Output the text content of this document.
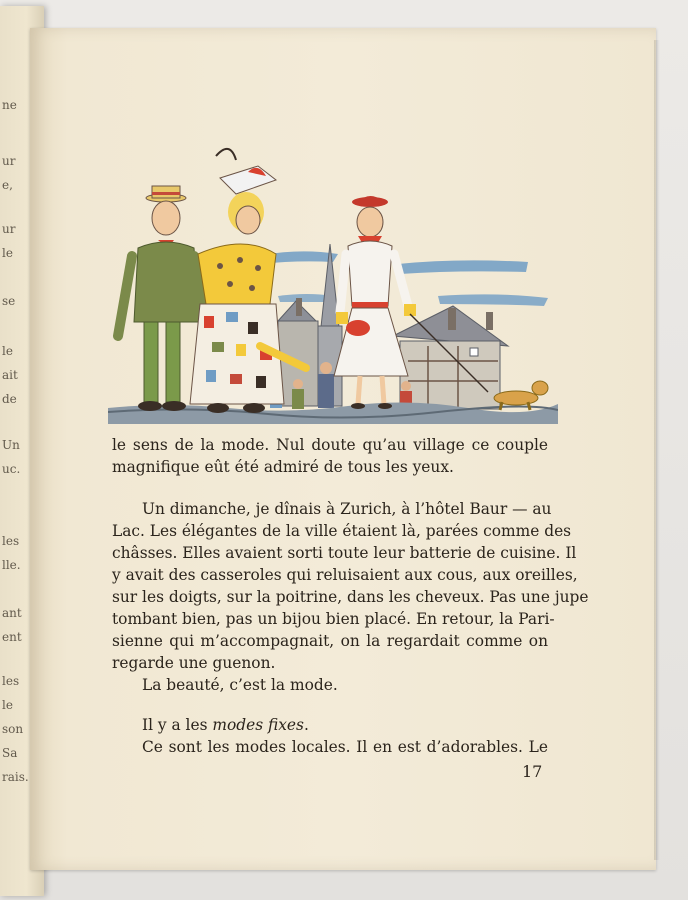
ne
ur
e,
ur
le
se
le
ait
de
Un
uc.
les
lle.
ant
ent
les
le
son
Sa
rais.
le sens de la mode. Nul doute qu’au village ce couple
magnifique eût été admiré de tous les yeux.
Un dimanche, je dînais à Zurich, à l’hôtel Baur — au
Lac. Les élégantes de la ville étaient là, parées comme des
châsses. Elles avaient sorti toute leur batterie de cuisine. Il
y avait des casseroles qui reluisaient aux cous, aux oreilles,
sur les doigts, sur la poitrine, dans les cheveux. Pas une jupe
tombant bien, pas un bijou bien placé. En retour, la Pari-
sienne qui m’accompagnait, on la regardait comme on
regarde une guenon.
La beauté, c’est la mode.
Il y a les modes fixes.
Ce sont les modes locales. Il en est d’adorables. Le
17
